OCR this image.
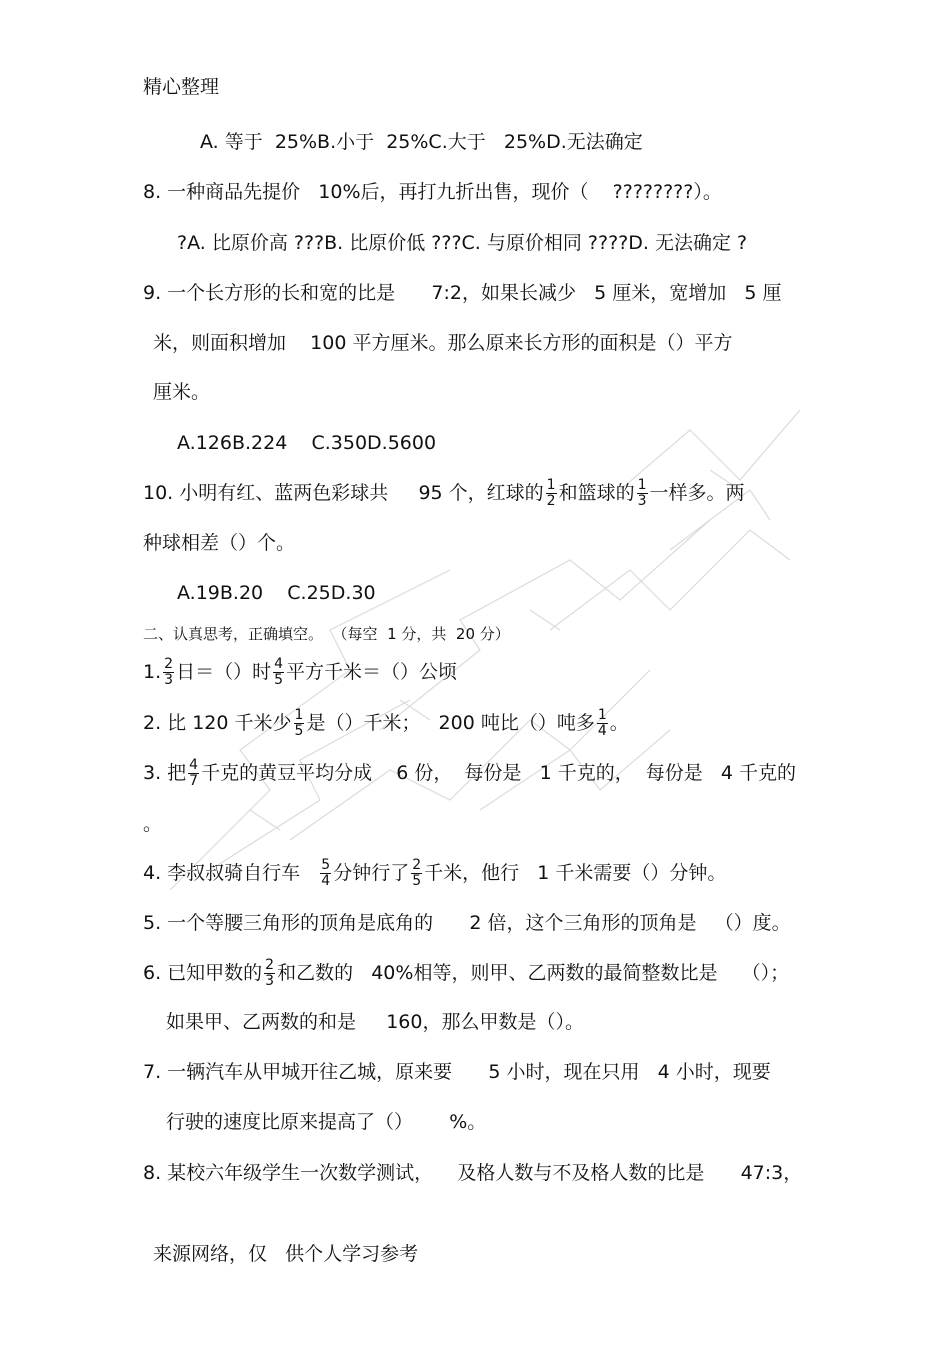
精心整理
A. 等于  25%B.小于  25%C.大于   25%D.无法确定
8. 一种商品先提价   10%后，再打九折出售，现价（    ????????）。
?A. 比原价高 ???B. 比原价低 ???C. 与原价相同 ????D. 无法确定 ?
9. 一个长方形的长和宽的比是      7:2，如果长减少   5 厘米，宽增加   5 厘
米，则面积增加    100 平方厘米。那么原来长方形的面积是（）平方
厘米。
A.126B.224    C.350D.5600
10. 小明有红、蓝两色彩球共     95 个，红球的 $\frac{1}{2}$ 和篮球的 $\frac{1}{3}$ 一样多。两
种球相差（）个。
A.19B.20    C.25D.30
二、认真思考，正确填空。  （每空  1 分，共  20 分）
1. $\frac{2}{3}$ 日＝（）时 $\frac{4}{5}$ 平方千米＝（）公顷
2. 比 120 千米少 $\frac{1}{5}$ 是（）千米；   200 吨比（）吨多 $\frac{1}{4}$ 。
3. 把 $\frac{4}{7}$ 千克的黄豆平均分成    6 份，  每份是   1 千克的，  每份是   4 千克的
。
4. 李叔叔骑自行车 $\frac{5}{4}$ 分钟行了 $\frac{2}{5}$ 千米，他行   1 千米需要（）分钟。
5. 一个等腰三角形的顶角是底角的      2 倍，这个三角形的顶角是   （）度。
6. 已知甲数的 $\frac{2}{3}$ 和乙数的   40%相等，则甲、乙两数的最简整数比是    （）；
如果甲、乙两数的和是     160，那么甲数是（）。
7. 一辆汽车从甲城开往乙城，原来要      5 小时，现在只用   4 小时，现要
行驶的速度比原来提高了（）      %。
8. 某校六年级学生一次数学测试，    及格人数与不及格人数的比是      47:3，
来源网络，仅   供个人学习参考
